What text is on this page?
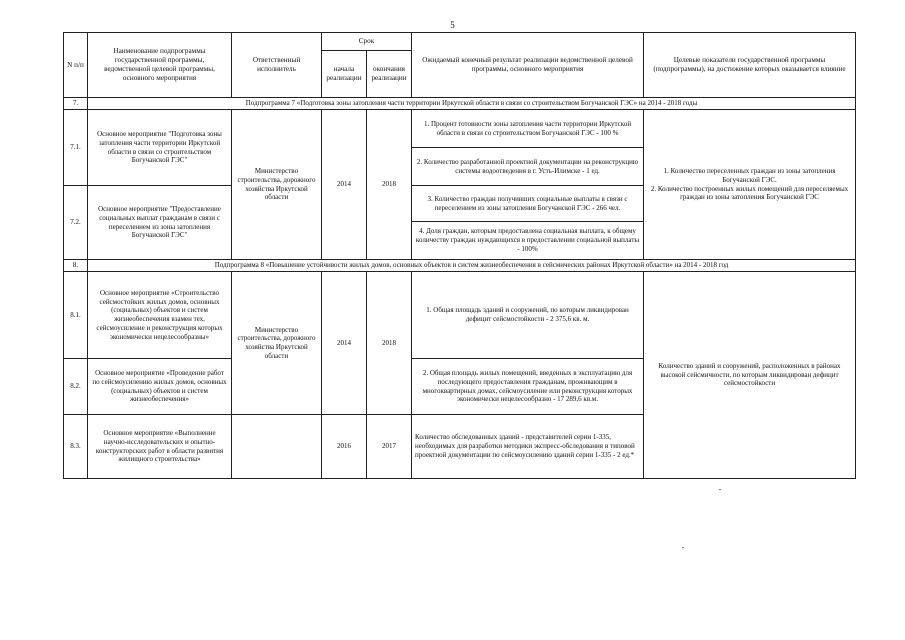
5
N п/п	Наименование подпрограммы государственной программы, ведомственной целевой программы, основного мероприятия	Ответственный исполнитель	Срок		Ожидаемый конечный результат реализации ведомственной целевой программы, основного мероприятия	Целевые показатели государственной программы (подпрограммы), на достижение которых оказывается влияние
			начала реализации	окончания реализации		
7.	Подпрограмма 7 «Подготовка зоны затопления части территории Иркутской области в связи со строительством Богучанской ГЭС» на 2014 - 2018 годы					
7.1.	Основное мероприятие "Подготовка зоны затопления части территории Иркутской области в связи со строительством Богучанской ГЭС"	Министерство строительства, дорожного хозяйства Иркутской области	2014	2018	1. Процент готовности зоны затопления части территории Иркутской области в связи со строительством Богучанской ГЭС - 100 %	1. Количество переселенных граждан из зоны затопления Богучанской ГЭС.
2. Количество построенных жилых помещений для переселяемых граждан из зоны затопления Богучанской ГЭС
					2. Количество разработанной проектной документации на реконструкцию системы водоотведения в г. Усть-Илимске - 1 ед.	
7.2.	Основное мероприятие "Предоставление социальных выплат гражданам в связи с переселением из зоны затопления Богучанской ГЭС"				3. Количество граждан получивших социальные выплаты в связи с переселением из зоны затопления Богучанской ГЭС - 266 чел.	
					4. Доля граждан, которым предоставлена социальная выплата, к общему количеству граждан нуждающихся в предоставлении социальной выплаты - 100%	
8.	Подпрограмма 8 «Повышение устойчивости жилых домов, основных объектов и систем жизнеобеспечения в сейсмических районах Иркутской области» на 2014 - 2018 год					
8.1.	Основное мероприятие «Строительство сейсмостойких жилых домов, основных (социальных) объектов и систем жизнеобеспечения взамен тех, сейсмоусиление и реконструкция которых экономически нецелесообразны»	Министерство строительства, дорожного хозяйства Иркутской области	2014	2018	1. Общая площадь зданий и сооружений, по которым ликвидирован дефицит сейсмостойкости - 2 375,6 кв. м.	Количество зданий и сооружений, расположенных в районах высокой сейсмичности, по которым ликвидирован дефицит сейсмостойкости
8.2.	Основное мероприятие «Проведение работ по сейсмоусилению жилых домов, основных (социальных) объектов и систем жизнеобеспечения»				2. Общая площадь жилых помещений, введенных в эксплуатацию для последующего предоставления гражданам, проживающим в многоквартирных домах, сейсмоусиление или реконструкция которых экономически нецелесообразно - 17 289,6 кв.м.	
8.3.	Основное мероприятие «Выполнение научно-исследовательских и опытно-конструкторских работ в области развития жилищного строительства»		2016	2017	Количество обследованных зданий - представителей серии 1-335, необходимых для разработки методики экспресс-обследования и типовой проектной документации по сейсмоусилению зданий серии 1-335 - 2 ед.*	
